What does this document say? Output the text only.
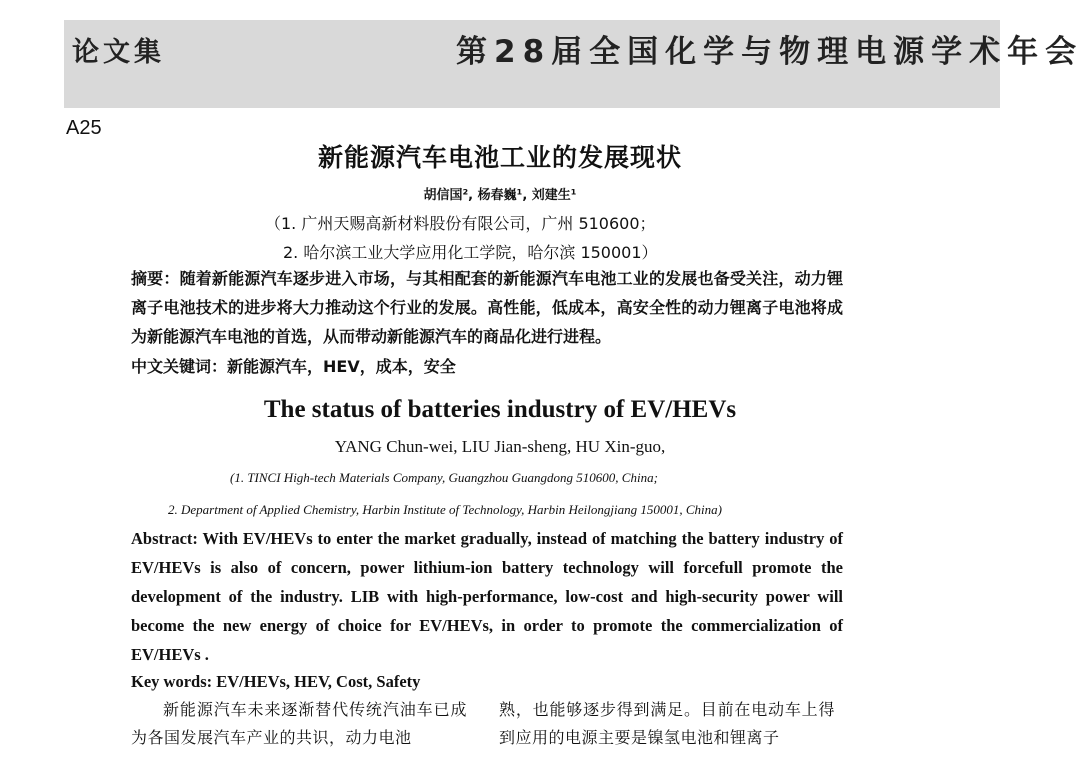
论文集	第28届全国化学与物理电源学术年会
A25
新能源汽车电池工业的发展现状
胡信国², 杨春巍¹, 刘建生¹
（1. 广州天赐高新材料股份有限公司，广州 510600；
2. 哈尔滨工业大学应用化工学院，哈尔滨 150001）
摘要：随着新能源汽车逐步进入市场，与其相配套的新能源汽车电池工业的发展也备受关注，动力锂离子电池技术的进步将大力推动这个行业的发展。高性能，低成本，高安全性的动力锂离子电池将成为新能源汽车电池的首选，从而带动新能源汽车的商品化进行进程。
中文关键词：新能源汽车，HEV，成本，安全
The status of batteries industry of EV/HEVs
YANG Chun-wei, LIU Jian-sheng, HU Xin-guo,
(1. TINCI High-tech Materials Company, Guangzhou Guangdong 510600, China;
2. Department of Applied Chemistry, Harbin Institute of Technology, Harbin Heilongjiang 150001, China)
Abstract: With EV/HEVs to enter the market gradually, instead of matching the battery industry of EV/HEVs is also of concern, power lithium-ion battery technology will forcefull promote the development of the industry. LIB with high-performance, low-cost and high-security power will become the new energy of choice for EV/HEVs, in order to promote the commercialization of EV/HEVs .
Key words: EV/HEVs, HEV, Cost, Safety
新能源汽车未来逐渐替代传统汽油车已成为各国发展汽车产业的共识，动力电池
熟，也能够逐步得到满足。目前在电动车上得到应用的电源主要是镍氢电池和锂离子
